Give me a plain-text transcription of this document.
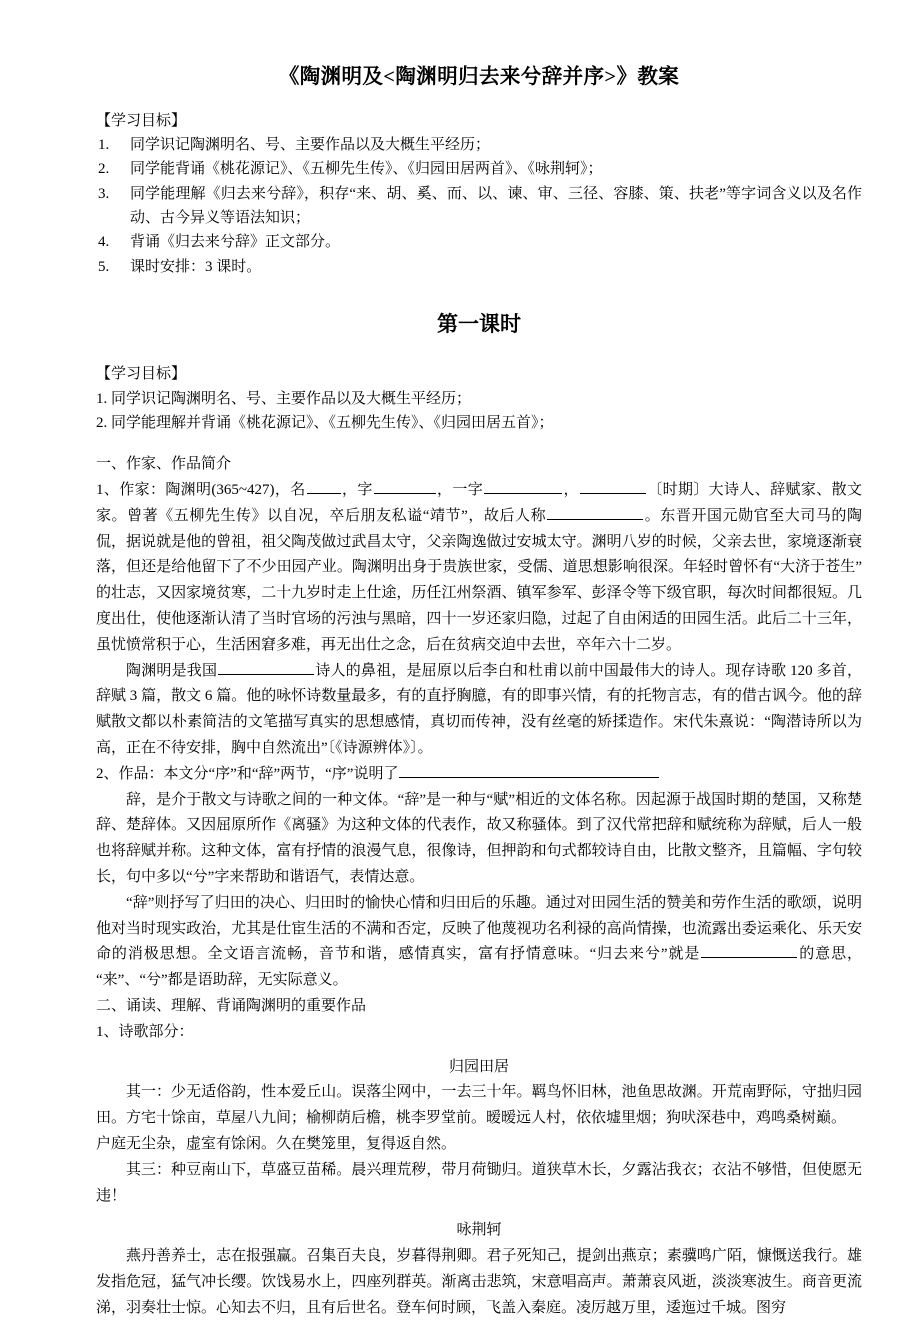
《陶渊明及<陶渊明归去来兮辞并序>》教案

【学习目标】

1. 同学识记陶渊明名、号、主要作品以及大概生平经历；
2. 同学能背诵《桃花源记》、《五柳先生传》、《归园田居两首》、《咏荆轲》；
3. 同学能理解《归去来兮辞》，积存“来、胡、奚、而、以、谏、审、三径、容膝、策、扶老”等字词含义以及名作动、古今异义等语法知识；
4. 背诵《归去来兮辞》正文部分。
5. 课时安排：3 课时。
第一课时

【学习目标】

1. 同学识记陶渊明名、号、主要作品以及大概生平经历；

2. 同学能理解并背诵《桃花源记》、《五柳先生传》、《归园田居五首》；

一、作家、作品简介

1、作家：陶渊明(365~427)，名 ，字	，一字	，	〔时期〕大诗人、辞赋家、散文家。曾著《五柳先生传》以自况，卒后朋友私谥“靖节”，故后人称	。东晋开国元勋官至大司马的陶侃，据说就是他的曾祖，祖父陶茂做过武昌太守，父亲陶逸做过安城太守。渊明八岁的时候，父亲去世，家境逐渐衰落，但还是给他留下了不少田园产业。陶渊明出身于贵族世家，受儒、道思想影响很深。年轻时曾怀有“大济于苍生”的壮志，又因家境贫寒，二十九岁时走上仕途，历任江州祭酒、镇军参军、彭泽令等下级官职，每次时间都很短。几度出仕，使他逐渐认清了当时官场的污浊与黑暗，四十一岁还家归隐，过起了自由闲适的田园生活。此后二十三年，虽忧愤常积于心，生活困窘多难，再无出仕之念，后在贫病交迫中去世，卒年六十二岁。

陶渊明是我国	诗人的鼻祖，是屈原以后李白和杜甫以前中国最伟大的诗人。现存诗歌 120 多首，辞赋 3 篇，散文 6 篇。他的咏怀诗数量最多，有的直抒胸臆，有的即事兴情，有的托物言志，有的借古讽今。他的辞赋散文都以朴素简洁的文笔描写真实的思想感情，真切而传神，没有丝毫的矫揉造作。宋代朱熹说：“陶潜诗所以为高，正在不待安排，胸中自然流出”〔《诗源辨体》〕。

2、作品：本文分“序”和“辞”两节，“序”说明了

辞，是介于散文与诗歌之间的一种文体。“辞”是一种与“赋”相近的文体名称。因起源于战国时期的楚国，又称楚辞、楚辞体。又因屈原所作《离骚》为这种文体的代表作，故又称骚体。到了汉代常把辞和赋统称为辞赋，后人一般也将辞赋并称。这种文体，富有抒情的浪漫气息，很像诗，但押韵和句式都较诗自由，比散文整齐，且篇幅、字句较长，句中多以“兮”字来帮助和谐语气，表情达意。

“辞”则抒写了归田的决心、归田时的愉快心情和归田后的乐趣。通过对田园生活的赞美和劳作生活的歌颂，说明他对当时现实政治，尤其是仕宦生活的不满和否定，反映了他蔑视功名利禄的高尚情操，也流露出委运乘化、乐天安命的消极思想。全文语言流畅，音节和谐，感情真实，富有抒情意味。“归去来兮”就是	的意思，“来”、“兮”都是语助辞，无实际意义。

二、诵读、理解、背诵陶渊明的重要作品

1、诗歌部分：

归园田居

其一：少无适俗韵，性本爱丘山。误落尘网中，一去三十年。羁鸟怀旧林，池鱼思故渊。开荒南野际，守拙归园田。方宅十馀亩，草屋八九间；榆柳荫后檐，桃李罗堂前。暧暧远人村，依依墟里烟；狗吠深巷中，鸡鸣桑树巅。

户庭无尘杂，虚室有馀闲。久在樊笼里，复得返自然。

其三：种豆南山下，草盛豆苗稀。晨兴理荒秽，带月荷锄归。道狭草木长，夕露沾我衣；衣沾不够惜，但使愿无违！

咏荆轲

燕丹善养士，志在报强赢。召集百夫良，岁暮得荆卿。君子死知己，提剑出燕京；素骥鸣广陌，慷慨送我行。雄发指危冠，猛气冲长缨。饮饯易水上，四座列群英。渐离击悲筑，宋意唱高声。萧萧哀风逝，淡淡寒波生。商音更流涕，羽奏壮士惊。心知去不归，且有后世名。登车何时顾，飞盖入秦庭。凌厉越万里，逶迤过千城。图穷
